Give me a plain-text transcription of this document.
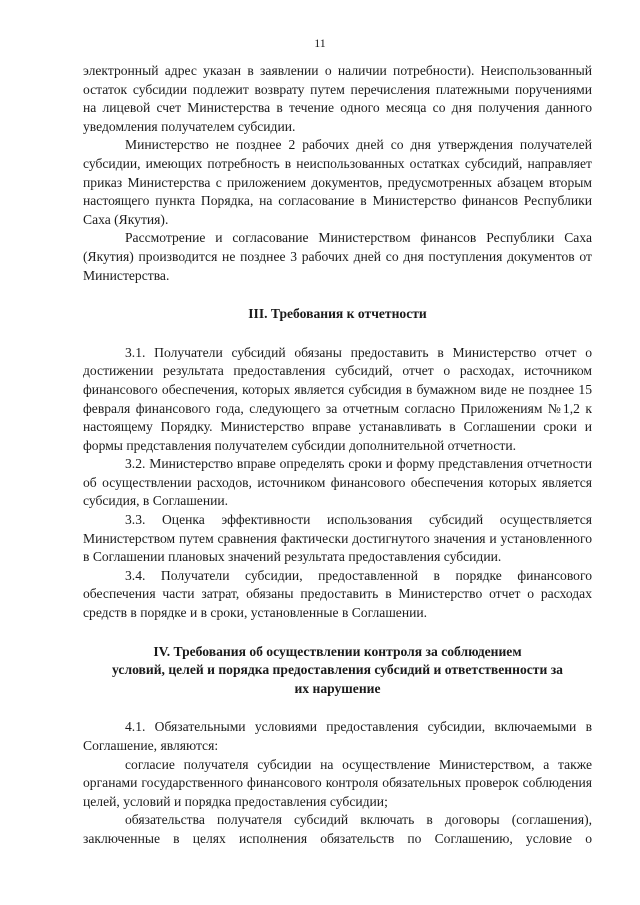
11

электронный адрес указан в заявлении о наличии потребности). Неиспользованный остаток субсидии подлежит возврату путем перечисления платежными поручениями на лицевой счет Министерства в течение одного месяца со дня получения данного уведомления получателем субсидии.

Министерство не позднее 2 рабочих дней со дня утверждения получателей субсидии, имеющих потребность в неиспользованных остатках субсидий, направляет приказ Министерства с приложением документов, предусмотренных абзацем вторым настоящего пункта Порядка, на согласование в Министерство финансов Республики Саха (Якутия).

Рассмотрение и согласование Министерством финансов Республики Саха (Якутия) производится не позднее 3 рабочих дней со дня поступления документов от Министерства.

III. Требования к отчетности

3.1. Получатели субсидий обязаны предоставить в Министерство отчет о достижении результата предоставления субсидий, отчет о расходах, источником финансового обеспечения, которых является субсидия в бумажном виде не позднее 15 февраля финансового года, следующего за отчетным согласно Приложениям №1,2 к настоящему Порядку. Министерство вправе устанавливать в Соглашении сроки и формы представления получателем субсидии дополнительной отчетности.

3.2. Министерство вправе определять сроки и форму представления отчетности об осуществлении расходов, источником финансового обеспечения которых является субсидия, в Соглашении.

3.3. Оценка эффективности использования субсидий осуществляется Министерством путем сравнения фактически достигнутого значения и установленного в Соглашении плановых значений результата предоставления субсидии.

3.4. Получатели субсидии, предоставленной в порядке финансового обеспечения части затрат, обязаны предоставить в Министерство отчет о расходах средств в порядке и в сроки, установленные в Соглашении.

IV. Требования об осуществлении контроля за соблюдением
условий, целей и порядка предоставления субсидий и ответственности за
их нарушение

4.1. Обязательными условиями предоставления субсидии, включаемыми в Соглашение, являются:

согласие получателя субсидии на осуществление Министерством, а также органами государственного финансового контроля обязательных проверок соблюдения целей, условий и порядка предоставления субсидии;

обязательства получателя субсидий включать в договоры (соглашения), заключенные в целях исполнения обязательств по Соглашению, условие о
